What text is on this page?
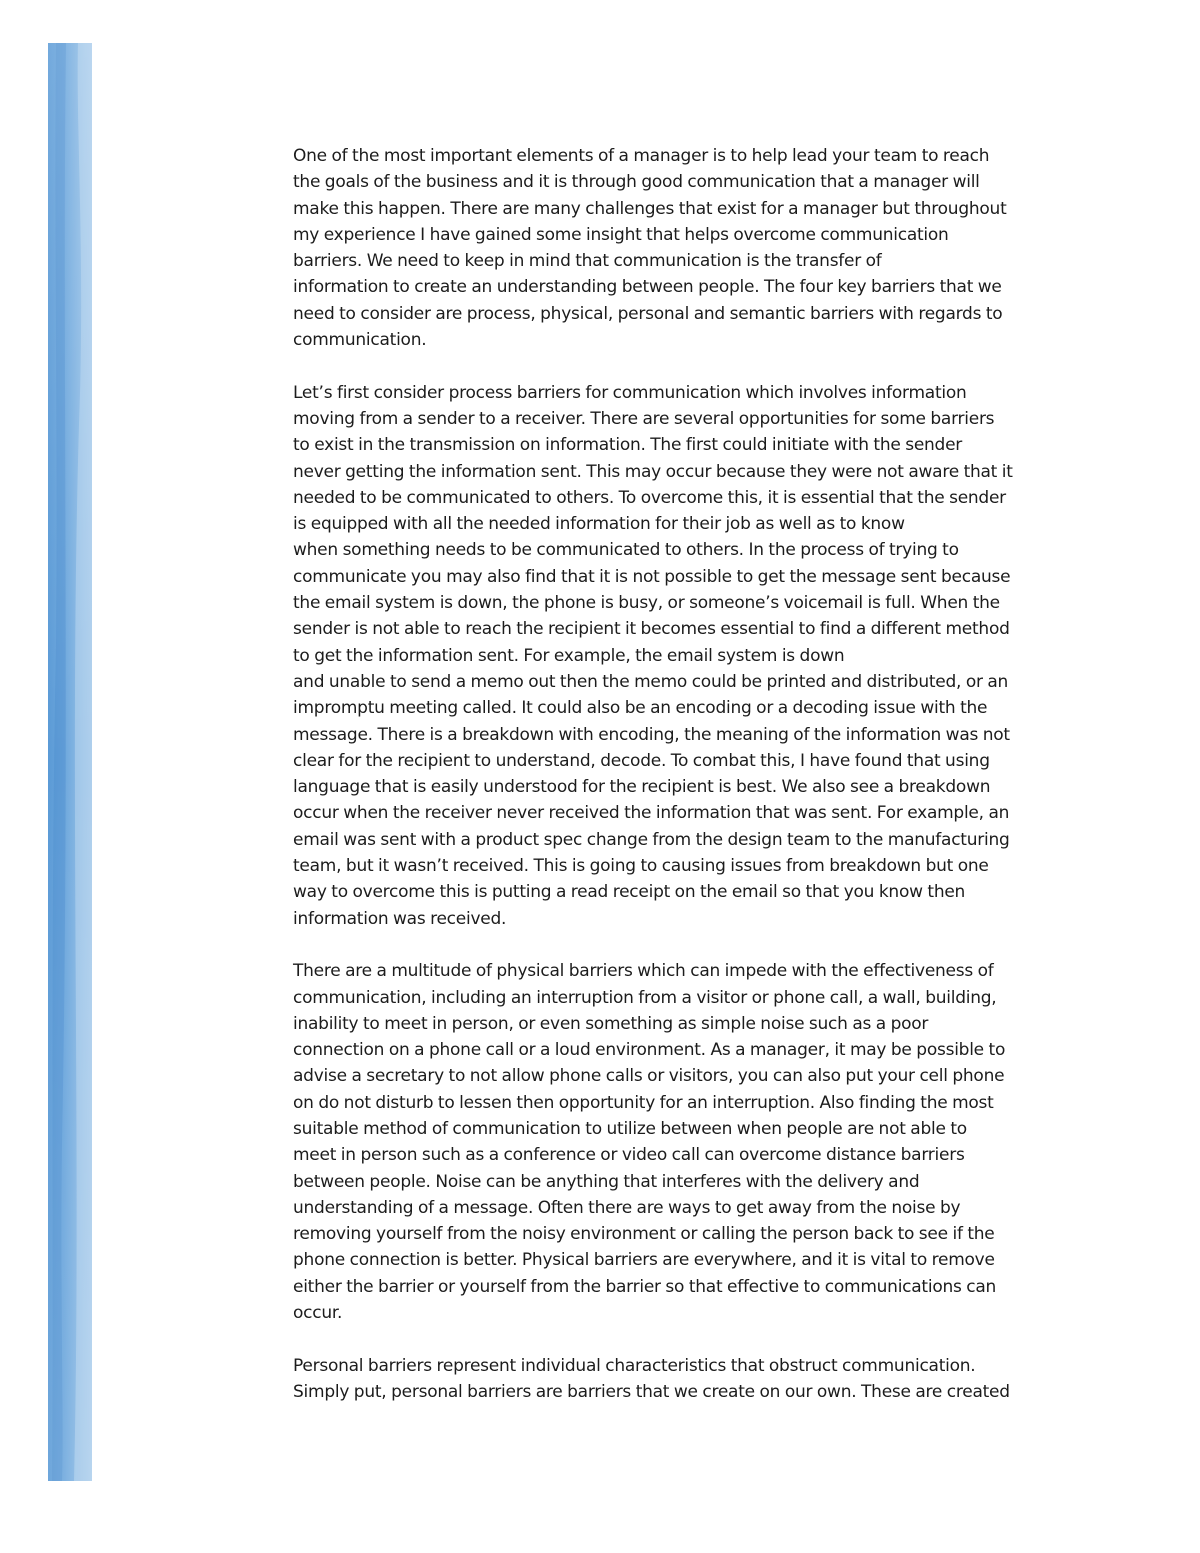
One of the most important elements of a manager is to help lead your team to reach
the goals of the business and it is through good communication that a manager will
make this happen. There are many challenges that exist for a manager but throughout
my experience I have gained some insight that helps overcome communication
barriers. We need to keep in mind that communication is the transfer of
information to create an understanding between people. The four key barriers that we
need to consider are process, physical, personal and semantic barriers with regards to
communication.
Let’s first consider process barriers for communication which involves information
moving from a sender to a receiver. There are several opportunities for some barriers
to exist in the transmission on information. The first could initiate with the sender
never getting the information sent. This may occur because they were not aware that it
needed to be communicated to others. To overcome this, it is essential that the sender
is equipped with all the needed information for their job as well as to know
when something needs to be communicated to others. In the process of trying to
communicate you may also find that it is not possible to get the message sent because
the email system is down, the phone is busy, or someone’s voicemail is full. When the
sender is not able to reach the recipient it becomes essential to find a different method
to get the information sent. For example, the email system is down
and unable to send a memo out then the memo could be printed and distributed, or an
impromptu meeting called. It could also be an encoding or a decoding issue with the
message. There is a breakdown with encoding, the meaning of the information was not
clear for the recipient to understand, decode. To combat this, I have found that using
language that is easily understood for the recipient is best. We also see a breakdown
occur when the receiver never received the information that was sent. For example, an
email was sent with a product spec change from the design team to the manufacturing
team, but it wasn’t received. This is going to causing issues from breakdown but one
way to overcome this is putting a read receipt on the email so that you know then
information was received.
There are a multitude of physical barriers which can impede with the effectiveness of
communication, including an interruption from a visitor or phone call, a wall, building,
inability to meet in person, or even something as simple noise such as a poor
connection on a phone call or a loud environment. As a manager, it may be possible to
advise a secretary to not allow phone calls or visitors, you can also put your cell phone
on do not disturb to lessen then opportunity for an interruption. Also finding the most
suitable method of communication to utilize between when people are not able to
meet in person such as a conference or video call can overcome distance barriers
between people. Noise can be anything that interferes with the delivery and
understanding of a message. Often there are ways to get away from the noise by
removing yourself from the noisy environment or calling the person back to see if the
phone connection is better. Physical barriers are everywhere, and it is vital to remove
either the barrier or yourself from the barrier so that effective to communications can
occur.
Personal barriers represent individual characteristics that obstruct communication.
Simply put, personal barriers are barriers that we create on our own. These are created
